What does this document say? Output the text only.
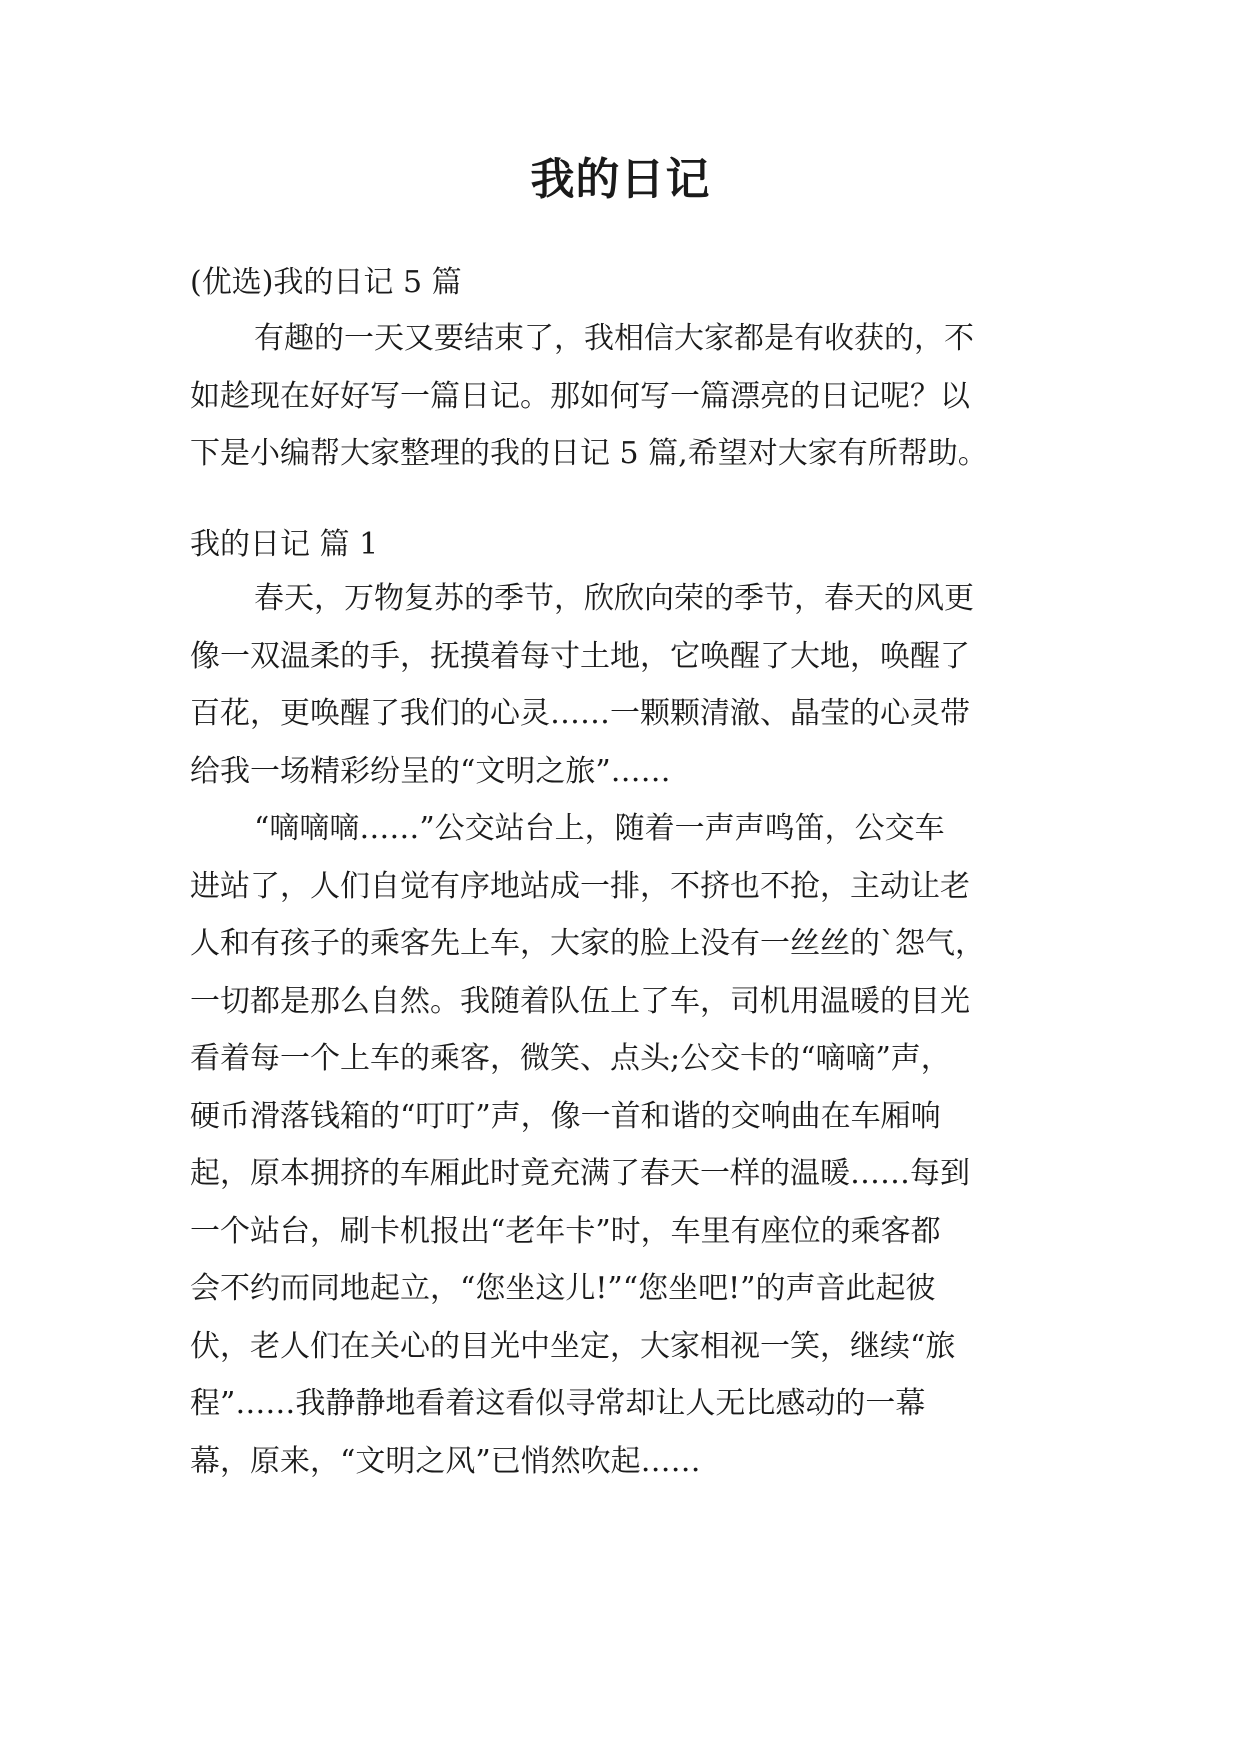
我的日记

(优选)我的日记 5 篇

有趣的一天又要结束了，我相信大家都是有收获的，不
如趁现在好好写一篇日记。那如何写一篇漂亮的日记呢？以
下是小编帮大家整理的我的日记 5 篇,希望对大家有所帮助。

我的日记 篇 1

春天，万物复苏的季节，欣欣向荣的季节，春天的风更
像一双温柔的手，抚摸着每寸土地，它唤醒了大地，唤醒了
百花，更唤醒了我们的心灵……一颗颗清澈、晶莹的心灵带
给我一场精彩纷呈的“文明之旅”……
“嘀嘀嘀……”公交站台上，随着一声声鸣笛，公交车
进站了，人们自觉有序地站成一排，不挤也不抢，主动让老
人和有孩子的乘客先上车，大家的脸上没有一丝丝的`怨气，
一切都是那么自然。我随着队伍上了车，司机用温暖的目光
看着每一个上车的乘客，微笑、点头;公交卡的“嘀嘀”声，
硬币滑落钱箱的“叮叮”声，像一首和谐的交响曲在车厢响
起，原本拥挤的车厢此时竟充满了春天一样的温暖……每到
一个站台，刷卡机报出“老年卡”时，车里有座位的乘客都
会不约而同地起立，“您坐这儿!”“您坐吧!”的声音此起彼
伏，老人们在关心的目光中坐定，大家相视一笑，继续“旅
程”……我静静地看着这看似寻常却让人无比感动的一幕
幕，原来，“文明之风”已悄然吹起……
